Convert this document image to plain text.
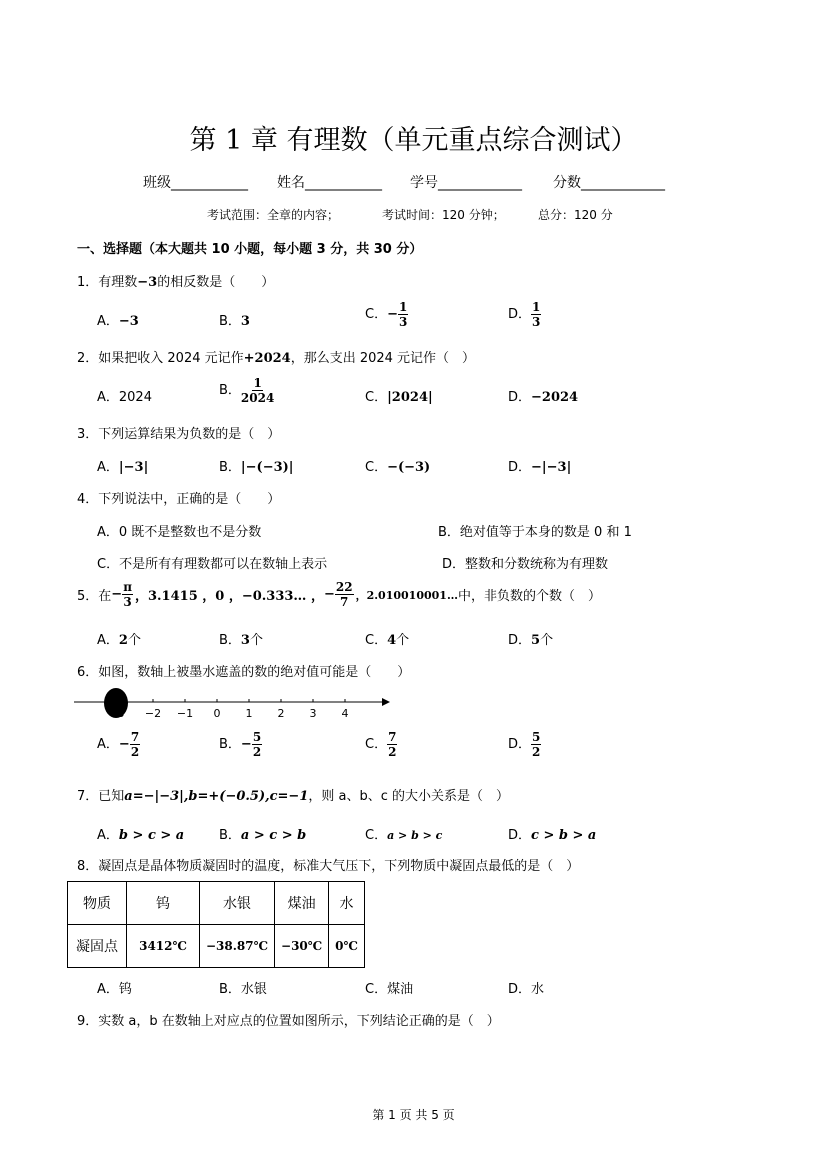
第 1 章 有理数（单元重点综合测试）
班级___________ 姓名___________ 学号____________ 分数____________
考试范围：全章的内容；	考试时间：120 分钟；	总分：120 分
一、选择题（本大题共 10 小题，每小题 3 分，共 30 分）
1．有理数−3的相反数是（　　）
A．−3	B．3	C．− $\frac{1}{3}$	D． $\frac{1}{3}$
2．如果把收入 2024 元记作+2024，那么支出 2024 元记作（　）
A．2024	B． $\frac{1}{2024}$	C．|2024|	D．−2024
3．下列运算结果为负数的是（　）
A．|−3|	B．|−(−3)|	C．−(−3)	D．−|−3|
4．下列说法中，正确的是（　　）
A．0 既不是整数也不是分数	B．绝对值等于本身的数是 0 和 1
C．不是所有有理数都可以在数轴上表示	D．整数和分数统称为有理数
5．在 − $\frac{\pi}{3}$ ，3.1415 ，0 ，−0.333… ， − $\frac{22}{7}$ ，2.010010001… 中，非负数的个数（　）
A．2个	B．3个	C．4个	D．5个
6．如图，数轴上被墨水遮盖的数的绝对值可能是（　　）
−2 −1 0 1 2 3 4
A．− $\frac{7}{2}$	B．− $\frac{5}{2}$	C． $\frac{7}{2}$	D． $\frac{5}{2}$
7．已知a=−|−3|,b=+(−0.5),c=−1，则 a、b、c 的大小关系是（　）
A．b > c > a	B．a > c > b	C．a > b > c	D．c > b > a
8．凝固点是晶体物质凝固时的温度，标准大气压下，下列物质中凝固点最低的是（　）
物质	钨	水银	煤油	水
凝固点	3412℃	−38.87℃	−30℃	0℃
A．钨	B．水银	C．煤油	D．水
9．实数 a，b 在数轴上对应点的位置如图所示，下列结论正确的是（　）
第 1 页 共 5 页
